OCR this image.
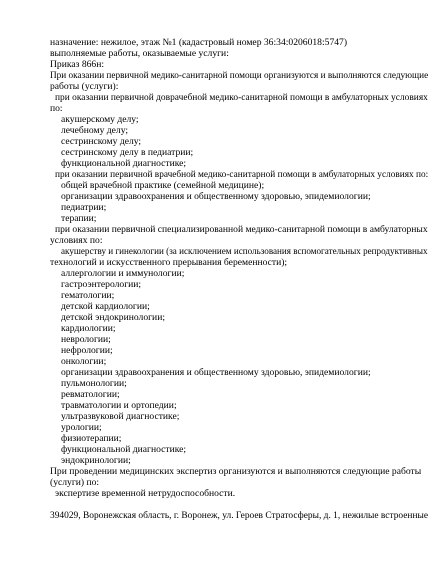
назначение: нежилое, этаж №1 (кадастровый номер 36:34:0206018:5747)

выполняемые работы, оказываемые услуги:

Приказ 866н:

При оказании первичной медико-санитарной помощи организуются и выполняются следующие

работы (услуги):

при оказании первичной доврачебной медико-санитарной помощи в амбулаторных условиях

по:

акушерскому делу;

лечебному делу;

сестринскому делу;

сестринскому делу в педиатрии;

функциональной диагностике;

при оказании первичной врачебной медико-санитарной помощи в амбулаторных условиях по:

общей врачебной практике (семейной медицине);

организации здравоохранения и общественному здоровью, эпидемиологии;

педиатрии;

терапии;

при оказании первичной специализированной медико-санитарной помощи в амбулаторных

условиях по:

акушерству и гинекологии (за исключением использования вспомогательных репродуктивных

технологий и искусственного прерывания беременности);

аллергологии и иммунологии;

гастроэнтерологии;

гематологии;

детской кардиологии;

детской эндокринологии;

кардиологии;

неврологии;

нефрологии;

онкологии;

организации здравоохранения и общественному здоровью, эпидемиологии;

пульмонологии;

ревматологии;

травматологии и ортопедии;

ультразвуковой диагностике;

урологии;

физиотерапии;

функциональной диагностике;

эндокринологии;

При проведении медицинских экспертиз организуются и выполняются следующие работы

(услуги) по:

экспертизе временной нетрудоспособности.

394029, Воронежская область, г. Воронеж, ул. Героев Стратосферы, д. 1, нежилые встроенные
